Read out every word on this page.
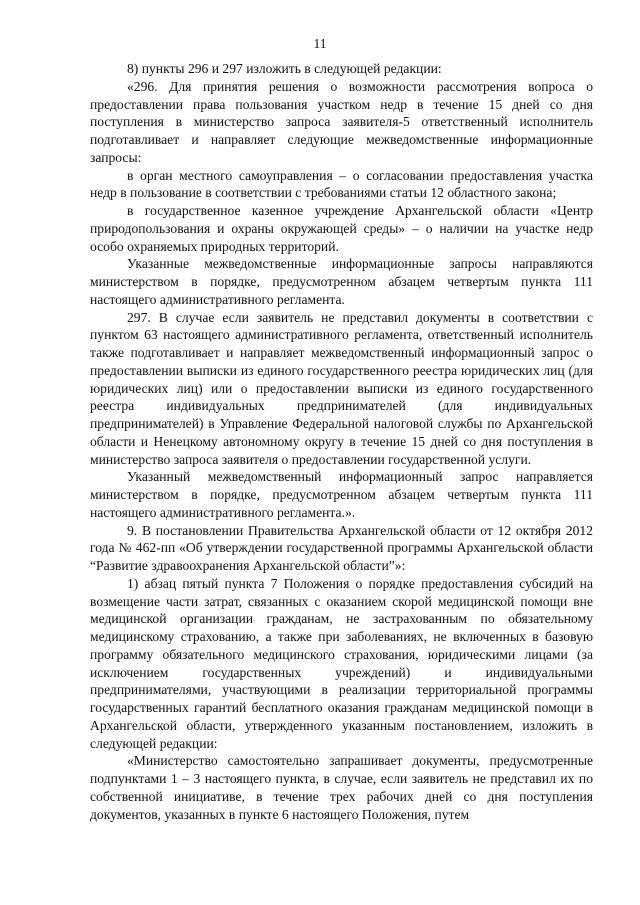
11

8) пункты 296 и 297 изложить в следующей редакции:

«296. Для принятия решения о возможности рассмотрения вопроса о предоставлении права пользования участком недр в течение 15 дней со дня поступления в министерство запроса заявителя-5 ответственный исполнитель подготавливает и направляет следующие межведомственные информационные запросы:

в орган местного самоуправления – о согласовании предоставления участка недр в пользование в соответствии с требованиями статьи 12 областного закона;

в государственное казенное учреждение Архангельской области «Центр природопользования и охраны окружающей среды» – о наличии на участке недр особо охраняемых природных территорий.

Указанные межведомственные информационные запросы направляются министерством в порядке, предусмотренном абзацем четвертым пункта 111 настоящего административного регламента.

297. В случае если заявитель не представил документы в соответствии с пунктом 63 настоящего административного регламента, ответственный исполнитель также подготавливает и направляет межведомственный информационный запрос о предоставлении выписки из единого государственного реестра юридических лиц (для юридических лиц) или о предоставлении выписки из единого государственного реестра индивидуальных предпринимателей (для индивидуальных предпринимателей) в Управление Федеральной налоговой службы по Архангельской области и Ненецкому автономному округу в течение 15 дней со дня поступления в министерство запроса заявителя о предоставлении государственной услуги.

Указанный межведомственный информационный запрос направляется министерством в порядке, предусмотренном абзацем четвертым пункта 111 настоящего административного регламента.».

9. В постановлении Правительства Архангельской области от 12 октября 2012 года № 462-пп «Об утверждении государственной программы Архангельской области “Развитие здравоохранения Архангельской области”»:

1) абзац пятый пункта 7 Положения о порядке предоставления субсидий на возмещение части затрат, связанных с оказанием скорой медицинской помощи вне медицинской организации гражданам, не застрахованным по обязательному медицинскому страхованию, а также при заболеваниях, не включенных в базовую программу обязательного медицинского страхования, юридическими лицами (за исключением государственных учреждений) и индивидуальными предпринимателями, участвующими в реализации территориальной программы государственных гарантий бесплатного оказания гражданам медицинской помощи в Архангельской области, утвержденного указанным постановлением, изложить в следующей редакции:

«Министерство самостоятельно запрашивает документы, предусмотренные подпунктами 1 – 3 настоящего пункта, в случае, если заявитель не представил их по собственной инициативе, в течение трех рабочих дней со дня поступления документов, указанных в пункте 6 настоящего Положения, путем
